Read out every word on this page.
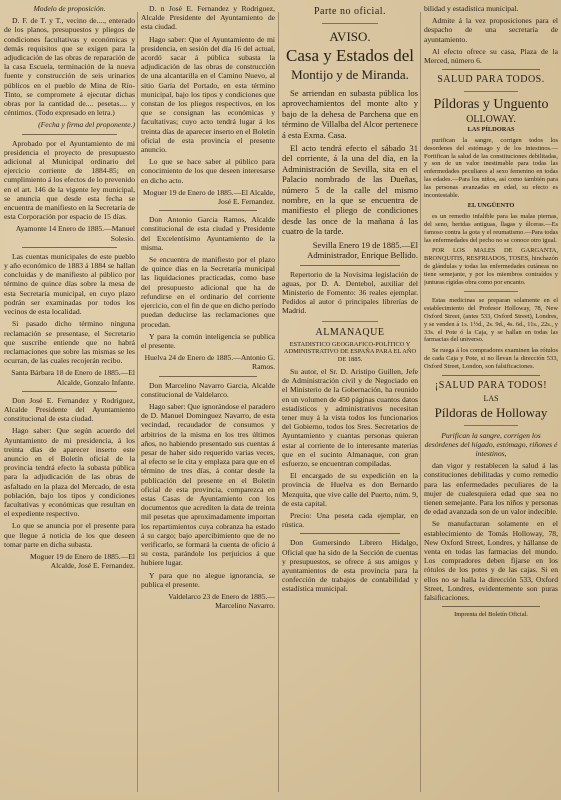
Modelo de proposición.

D. F. de T. y T., vecino de...., enterado de los planos, presupuestos y pliegos de condiciones facultativas y económicas y demás requisitos que se exigen para la adjudicación de las obras de reparación de la casa Escuela, terminación de la nueva fuente y construcción de seis urinarios públicos en el pueblo de Mina de Río-Tinto, se compromete á ejecutar dichas obras por la cantidad de.... pesetas.... y céntimos. (Todo expresado en letra.)

(Fecha y firma del proponente.)

Aprobado por el Ayuntamiento de mi presidencia el proyecto de presupuesto adicional al Municipal ordinario del ejercicio corriente de 1884-85; en cumplimiento á los efectos de lo prevenido en el art. 146 de la vigente ley municipal, se anuncia que desde esta fecha se encuentra de manifiesto en la Secretaría de esta Corporación por espacio de 15 días.

Ayamonte 14 Enero de 1885.—Manuel Solesio.

Las cuentas municipales de este pueblo y año económico de 1883 á 1884 se hallan concluidas y de manifiesto al público por término de quince días sobre la mesa de esta Secretaría municipal, en cuyo plazo podrán ser examinadas por todos los vecinos de esta localidad.

Si pasado dicho término ninguna reclamación se presentase, el Secretario que suscribe entiende que no habrá reclamaciones que sobre las mismas se les ocurran, de las cuales recojerán recibo.

Santa Bárbara 18 de Enero de 1885.—El Alcalde, Gonzalo Infante.

Don José E. Fernandez y Rodriguez, Alcalde Presidente del Ayuntamiento constitucional de esta ciudad.

Hago saber: Que según acuerdo del Ayuntamiento de mi presidencia, á los treinta días de aparecer inserto este anuncio en el Boletín oficial de la provincia tendrá efecto la subasta pública para la adjudicación de las obras de asfaltado en la plaza del Mercado, de esta población, bajo los tipos y condiciones facultativas y económicas que resultan en el expediente respectivo.

Lo que se anuncia por el presente para que llegue á noticia de los que deseen tomar parte en dicha subasta.

Moguer 19 de Enero de 1885.—El Alcalde, José E. Fernandez.

D. n José E. Fernandez y Rodriguez, Alcalde Presidente del Ayuntamiento de esta ciudad.

Hago saber: Que el Ayuntamiento de mi presidencia, en sesión del día 16 del actual, acordó sacar á pública subasta la adjudicación de las obras de construcción de una alcantarilla en el Camino Nuevo, al sitio Garía del Portado, en esta término municipal, bajo los tipos y condiciones que constan de los pliegos respectivos, en los que se consignan las económicas y facultativas; cuyo acto tendrá lugar á los treinta días de aparecer inserto en el Boletín oficial de esta provincia el presente anuncio.

Lo que se hace saber al público para conocimiento de los que deseen interesarse en dicho acto.

Moguer 19 de Enero de 1885.—El Alcalde, José E. Fernandez.

Don Antonio Garcia Ramos, Alcalde constitucional de esta ciudad y Presidente del Excelentísimo Ayuntamiento de la misma.

Se encuentra de manifiesto por el plazo de quince días en la Secretaría municipal las liquidaciones practicadas, como base del presupuesto adicional que ha de refundirse en el ordinario del corriente ejercicio, con el fin de que en dicho período puedan deducirse las reclamaciones que procedan.

Y para la común inteligencia se publica el presente.

Huelva 24 de Enero de 1885.—Antonio G. Ramos.

Don Marcelino Navarro Garcia, Alcalde constitucional de Valdelarco.

Hago saber: Que ignorándose el paradero de D. Manuel Dominguez Navarro, de esta vecindad, recaudador de consumos y arbitrios de la misma en los tres últimos años, no habiendo presentado sus cuentas á pesar de haber sido requerido varias veces, al efecto se le cita y emplaza para que en el término de tres días, á contar desde la publicación del presente en el Boletín oficial de esta provincia, comparezca en estas Casas de Ayuntamiento con los documentos que acrediten la data de treinta mil pesetas que aproximadamente importan los repartimientos cuya cobranza ha estado á su cargo; bajo apercibimiento que de no verificarlo, se formará la cuenta de oficio á su costa, parándole los perjuicios á que hubiere lugar.

Y para que no alegue ignorancia, se publica el presente.

Valdelarco 23 de Enero de 1885.—Marcelino Navarro.

Parte no oficial.
AVISO.
Casa y Estados del
Montijo y de Miranda.

Se arriendan en subasta pública los aprovechamientos del monte alto y bajo de la dehesa de Parchena que en término de Villalba del Alcor pertenece á esta Exma. Casa.

El acto tendrá efecto el sábado 31 del corriente, á la una del día, en la Administración de Sevilla, sita en el Palacio nombrado de las Dueñas, número 5 de la calle del mismo nombre, en la que se encuentra de manifiesto el pliego de condiciones desde las once de la mañana á las cuatro de la tarde.

Sevilla Enero 19 de 1885.—El Administrador, Enrique Bellido.

Repertorio de la Novísima legislación de aguas, por D. A. Dentebol, auxiliar del Ministerio de Fomento: 36 reales ejemplar. Pedidos al autor ó principales librerías de Madrid.

ALMANAQUE

ESTADISTICO GEOGRAFICO-POLÍTICO Y ADMINISTRATIVO DE ESPAÑA PARA EL AÑO DE 1885.

Su autor, el Sr. D. Aristipo Guillen, Jefe de Administración civil y de Negociado en el Ministerio de la Gobernación, ha reunido en un volumen de 450 páginas cuantos datos estadísticos y administrativos necesitan tener muy á la vista todos los funcionarios del Gobierno, todos los Sres. Secretarios de Ayuntamiento y cuantas personas quieran estar al corriente de lo interesante materias que en el sucinto Almanaque, con gran esfuerzo, se encuentran compiladas.

El encargado de su expedición en la provincia de Huelva es don Bernardo Mezquita, que vive calle del Puerto, núm. 9, de esta capital.

Precio: Una peseta cada ejemplar, en rústica.

Don Gumersindo Librero Hidalgo, Oficial que ha sido de la Sección de cuentas y presupuestos, se ofrece á sus amigos y ayuntamientos de esta provincia para la confección de trabajos de contabilidad y estadística municipal.

bilidad y estadística municipal.

Admite á la vez proposiciones para el despacho de una secretaría de ayuntamiento.

Al efecto ofrece su casa, Plaza de la Merced, número 6.

SALUD PARA TODOS.
Píldoras y Unguento
OLLOWAY.

LAS PÍLDORAS

purifican la sangre, corrigen todos los desordenes del estómago y de los intestinos.—Fortifican la salud de las constituciones debilitadas, y son de un valor inestimable para todas las enfermedades peculiares al sexo femenino en todas las edades.—Para los niños, así como también para las personas avanzadas en edad, su efecto es incontestable.

EL UNGÜENTO

es un remedio infalible para las malas piernas, del seno, heridas antiguas, llagas y úlceras.—Es famoso contra la gota y el reumatismo.—Para todas las enfermedades del pecho no se conoce otro igual.

POR LOS MALES DE GARGANTA, BRONQUITIS, RESFRIADOS, TOSES, hinchazón de glándulas y todas las enfermedades cutáneas no tiene semejante, y por los miembros contraídos y junturas rígidas obra como por encanto.

Estas medicinas se preparan solamente en el establecimiento del Profesor Holloway, 78, New Oxford Street, (antes 533, Oxford Street), Londres, y se venden á 1s. 1½d., 2s. 9d., 4s. 6d., 11s., 22s., y 33s. el Pote ó la Caja, y se hallan en todas las farmacias del universo.

Se ruega á los compradores examinen las rótulos de cada Caja y Pote, si no llevan la dirección 533, Oxford Street, London, son falsificaciones.

¡SALUD PARA TODOS!
LAS
Píldoras de Holloway

Purifican la sangre, corrigen los desórdenes del hígado, estómago, riñones é intestinos,

dan vigor y restablecen la salud á las constituciones debilitadas y como remedio para las enfermedades peculiares de la mujer de cualesquiera edad que sea no tienen semejante. Para los niños y personas de edad avanzada son de un valor indecible.

Se manufacturan solamente en el establecimiento de Tomás Holloway, 78, New Oxford Street, Londres, y hállanse de venta en todas las farmacias del mundo. Los compradores deben fijarse en los rótulos de los potes y de las cajas. Si en ellos no se halla la dirección 533, Oxford Street, Londres, evidentemente son puras falsificaciones.

Imprenta del Boletín Oficial.
